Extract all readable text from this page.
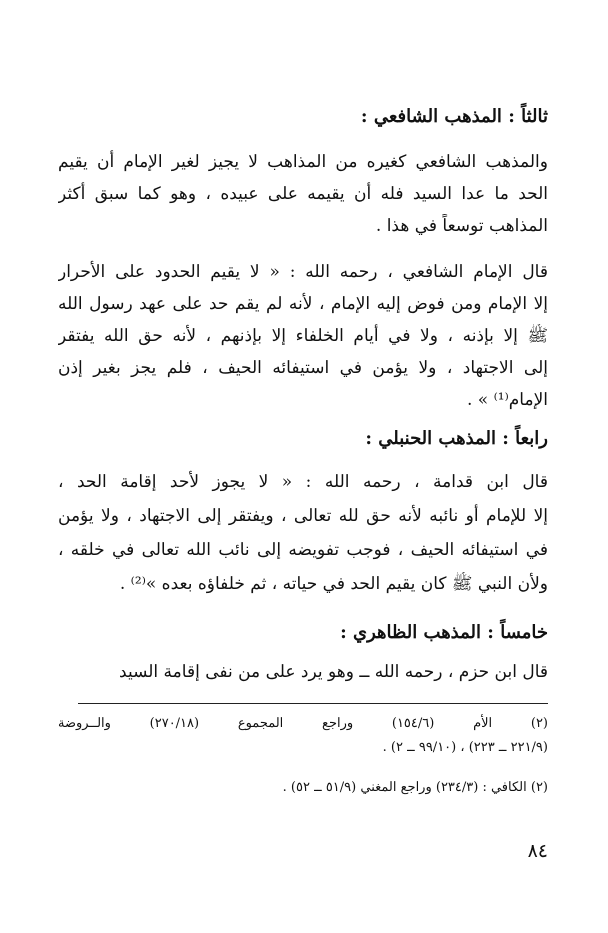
ثالثاً : المذهب الشافعي :
والمذهب الشافعي كغيره من المذاهب لا يجيز لغير الإمام أن يقيم
الحد ما عدا السيد فله أن يقيمه على عبيده ، وهو كما سبق أكثر
المذاهب توسعاً في هذا .
قال الإمام الشافعي ، رحمه الله : « لا يقيم الحدود على الأحرار
إلا الإمام ومن فوض إليه الإمام ، لأنه لم يقم حد على عهد رسول الله
ﷺ إلا بإذنه ، ولا في أيام الخلفاء إلا بإذنهم ، لأنه حق الله يفتقر
إلى الاجتهاد ، ولا يؤمن في استيفائه الحيف ، فلم يجز بغير إذن
الإمام⁽¹⁾ » .
رابعاً : المذهب الحنبلي :
قال ابن قدامة ، رحمه الله : « لا يجوز لأحد إقامة الحد ،
إلا للإمام أو نائبه لأنه حق لله تعالى ، ويفتقر إلى الاجتهاد ، ولا يؤمن
في استيفائه الحيف ، فوجب تفويضه إلى نائب الله تعالى في خلقه ،
ولأن النبي ﷺ كان يقيم الحد في حياته ، ثم خلفاؤه بعده »⁽²⁾ .
خامساً : المذهب الظاهري :
قال ابن حزم ، رحمه الله ــ وهو يرد على من نفى إقامة السيد
(٢) الأم (١٥٤/٦) وراجع المجموع (٢٧٠/١٨) والــروضة
(٢٢١/٩ ــ ٢٢٣) ، (٩٩/١٠ ــ ٢) .
(٢) الكافي : (٢٣٤/٣) وراجع المغني (٥١/٩ ــ ٥٢) .
٨٤
